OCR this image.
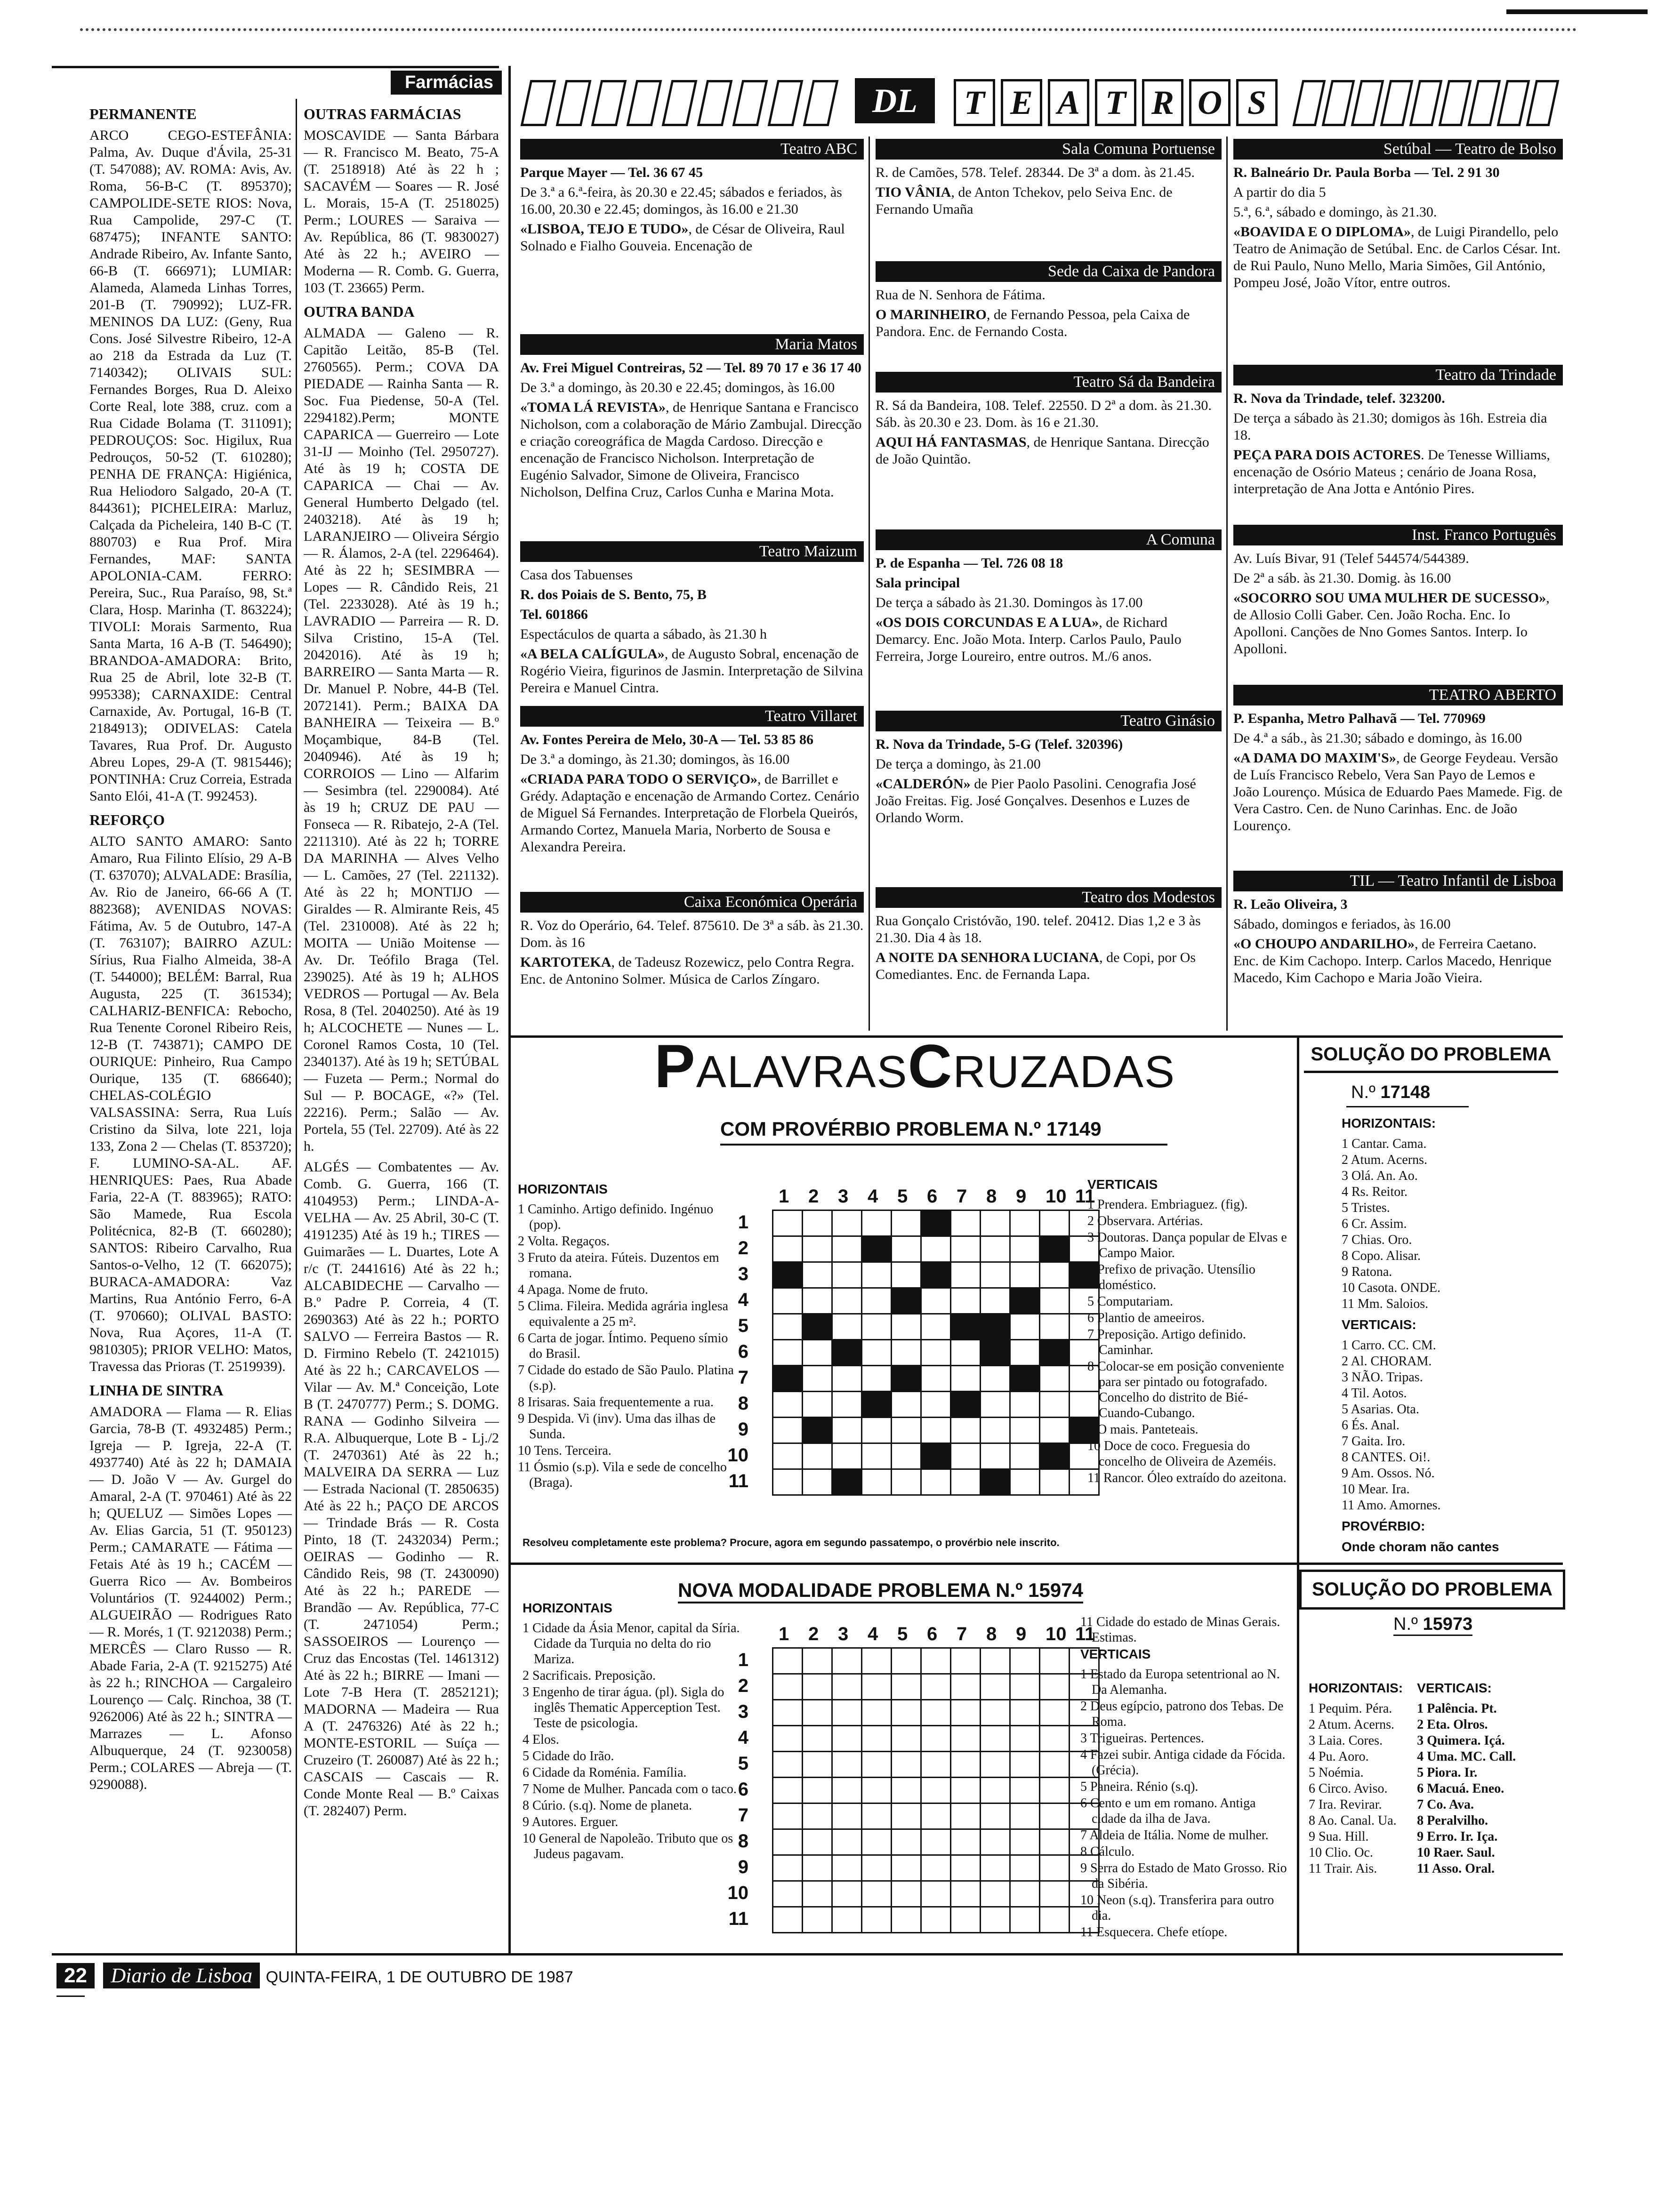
Farmácias
PERMANENTE

ARCO CEGO-ESTEFÂNIA: Palma, Av. Duque d'Ávila, 25-31 (T. 547088); AV. ROMA: Avis, Av. Roma, 56-B-C (T. 895370); CAMPOLIDE-SETE RIOS: Nova, Rua Campolide, 297-C (T. 687475); INFANTE SANTO: Andrade Ribeiro, Av. Infante Santo, 66-B (T. 666971); LUMIAR: Alameda, Alameda Linhas Torres, 201-B (T. 790992); LUZ-FR. MENINOS DA LUZ: (Geny, Rua Cons. José Silvestre Ribeiro, 12-A ao 218 da Estrada da Luz (T. 7140342); OLIVAIS SUL: Fernandes Borges, Rua D. Aleixo Corte Real, lote 388, cruz. com a Rua Cidade Bolama (T. 311091); PEDROUÇOS: Soc. Higilux, Rua Pedrouços, 50-52 (T. 610280); PENHA DE FRANÇA: Higiénica, Rua Heliodoro Salgado, 20-A (T. 844361); PICHELEIRA: Marluz, Calçada da Picheleira, 140 B-C (T. 880703) e Rua Prof. Mira Fernandes, MAF: SANTA APOLONIA-CAM. FERRO: Pereira, Suc., Rua Paraíso, 98, St.ª Clara, Hosp. Marinha (T. 863224); TIVOLI: Morais Sarmento, Rua Santa Marta, 16 A-B (T. 546490); BRANDOA-AMADORA: Brito, Rua 25 de Abril, lote 32-B (T. 995338); CARNAXIDE: Central Carnaxide, Av. Portugal, 16-B (T. 2184913); ODIVELAS: Catela Tavares, Rua Prof. Dr. Augusto Abreu Lopes, 29-A (T. 9815446); PONTINHA: Cruz Correia, Estrada Santo Elói, 41-A (T. 992453).

REFORÇO

ALTO SANTO AMARO: Santo Amaro, Rua Filinto Elísio, 29 A-B (T. 637070); ALVALADE: Brasília, Av. Rio de Janeiro, 66-66 A (T. 882368); AVENIDAS NOVAS: Fátima, Av. 5 de Outubro, 147-A (T. 763107); BAIRRO AZUL: Sírius, Rua Fialho Almeida, 38-A (T. 544000); BELÉM: Barral, Rua Augusta, 225 (T. 361534); CALHARIZ-BENFICA: Rebocho, Rua Tenente Coronel Ribeiro Reis, 12-B (T. 743871); CAMPO DE OURIQUE: Pinheiro, Rua Campo Ourique, 135 (T. 686640); CHELAS-COLÉGIO VALSASSINA: Serra, Rua Luís Cristino da Silva, lote 221, loja 133, Zona 2 — Chelas (T. 853720); F. LUMINO-SA-AL. AF. HENRIQUES: Paes, Rua Abade Faria, 22-A (T. 883965); RATO: São Mamede, Rua Escola Politécnica, 82-B (T. 660280); SANTOS: Ribeiro Carvalho, Rua Santos-o-Velho, 12 (T. 662075); BURACA-AMADORA: Vaz Martins, Rua António Ferro, 6-A (T. 970660); OLIVAL BASTO: Nova, Rua Açores, 11-A (T. 9810305); PRIOR VELHO: Matos, Travessa das Prioras (T. 2519939).

LINHA DE SINTRA

AMADORA — Flama — R. Elias Garcia, 78-B (T. 4932485) Perm.; Igreja — P. Igreja, 22-A (T. 4937740) Até às 22 h; DAMAIA — D. João V — Av. Gurgel do Amaral, 2-A (T. 970461) Até às 22 h; QUELUZ — Simões Lopes — Av. Elias Garcia, 51 (T. 950123) Perm.; CAMARATE — Fátima — Fetais Até às 19 h.; CACÉM — Guerra Rico — Av. Bombeiros Voluntários (T. 9244002) Perm.; ALGUEIRÃO — Rodrigues Rato — R. Morés, 1 (T. 9212038) Perm.; MERCÊS — Claro Russo — R. Abade Faria, 2-A (T. 9215275) Até às 22 h.; RINCHOA — Cargaleiro Lourenço — Calç. Rinchoa, 38 (T. 9262006) Até às 22 h.; SINTRA — Marrazes — L. Afonso Albuquerque, 24 (T. 9230058) Perm.; COLARES — Abreja — (T. 9290088).

OUTRAS FARMÁCIAS

MOSCAVIDE — Santa Bárbara — R. Francisco M. Beato, 75-A (T. 2518918) Até às 22 h ; SACAVÉM — Soares — R. José L. Morais, 15-A (T. 2518025) Perm.; LOURES — Saraiva — Av. República, 86 (T. 9830027) Até às 22 h.; AVEIRO — Moderna — R. Comb. G. Guerra, 103 (T. 23665) Perm.

OUTRA BANDA

ALMADA — Galeno — R. Capitão Leitão, 85-B (Tel. 2760565). Perm.; COVA DA PIEDADE — Rainha Santa — R. Soc. Fua Piedense, 50-A (Tel. 2294182).Perm; MONTE CAPARICA — Guerreiro — Lote 31-IJ — Moinho (Tel. 2950727). Até às 19 h; COSTA DE CAPARICA — Chai — Av. General Humberto Delgado (tel. 2403218). Até às 19 h; LARANJEIRO — Oliveira Sérgio — R. Álamos, 2-A (tel. 2296464). Até às 22 h; SESIMBRA — Lopes — R. Cândido Reis, 21 (Tel. 2233028). Até às 19 h.; LAVRADIO — Parreira — R. D. Silva Cristino, 15-A (Tel. 2042016). Até às 19 h; BARREIRO — Santa Marta — R. Dr. Manuel P. Nobre, 44-B (Tel. 2072141). Perm.; BAIXA DA BANHEIRA — Teixeira — B.º Moçambique, 84-B (Tel. 2040946). Até às 19 h; CORROIOS — Lino — Alfarim — Sesimbra (tel. 2290084). Até às 19 h; CRUZ DE PAU — Fonseca — R. Ribatejo, 2-A (Tel. 2211310). Até às 22 h; TORRE DA MARINHA — Alves Velho — L. Camões, 27 (Tel. 221132). Até às 22 h; MONTIJO — Giraldes — R. Almirante Reis, 45 (Tel. 2310008). Até às 22 h; MOITA — União Moitense — Av. Dr. Teófilo Braga (Tel. 239025). Até às 19 h; ALHOS VEDROS — Portugal — Av. Bela Rosa, 8 (Tel. 2040250). Até às 19 h; ALCOCHETE — Nunes — L. Coronel Ramos Costa, 10 (Tel. 2340137). Até às 19 h; SETÚBAL — Fuzeta — Perm.; Normal do Sul — P. BOCAGE, «?» (Tel. 22216). Perm.; Salão — Av. Portela, 55 (Tel. 22709). Até às 22 h.

ALGÉS — Combatentes — Av. Comb. G. Guerra, 166 (T. 4104953) Perm.; LINDA-A-VELHA — Av. 25 Abril, 30-C (T. 4191235) Até às 19 h.; TIRES — Guimarães — L. Duartes, Lote A r/c (T. 2441616) Até às 22 h.; ALCABIDECHE — Carvalho — B.º Padre P. Correia, 4 (T. 2690363) Até às 22 h.; PORTO SALVO — Ferreira Bastos — R. D. Firmino Rebelo (T. 2421015) Até às 22 h.; CARCAVELOS — Vilar — Av. M.ª Conceição, Lote B (T. 2470777) Perm.; S. DOMG. RANA — Godinho Silveira — R.A. Albuquerque, Lote B - Lj./2 (T. 2470361) Até às 22 h.; MALVEIRA DA SERRA — Luz — Estrada Nacional (T. 2850635) Até às 22 h.; PAÇO DE ARCOS — Trindade Brás — R. Costa Pinto, 18 (T. 2432034) Perm.; OEIRAS — Godinho — R. Cândido Reis, 98 (T. 2430090) Até às 22 h.; PAREDE — Brandão — Av. República, 77-C (T. 2471054) Perm.; SASSOEIROS — Lourenço — Cruz das Encostas (Tel. 1461312) Até às 22 h.; BIRRE — Imani — Lote 7-B Hera (T. 2852121); MADORNA — Madeira — Rua A (T. 2476326) Até às 22 h.; MONTE-ESTORIL — Suíça — Cruzeiro (T. 260087) Até às 22 h.; CASCAIS — Cascais — R. Conde Monte Real — B.º Caixas (T. 282407) Perm.

DL	T E A T R O S
Teatro ABC

Parque Mayer — Tel. 36 67 45

De 3.ª a 6.ª-feira, às 20.30 e 22.45; sábados e feriados, às 16.00, 20.30 e 22.45; domingos, às 16.00 e 21.30

«LISBOA, TEJO E TUDO», de César de Oliveira, Raul Solnado e Fialho Gouveia. Encenação de

Maria Matos

Av. Frei Miguel Contreiras, 52 — Tel. 89 70 17 e 36 17 40

De 3.ª a domingo, às 20.30 e 22.45; domingos, às 16.00

«TOMA LÁ REVISTA», de Henrique Santana e Francisco Nicholson, com a colaboração de Mário Zambujal. Direcção e criação coreográfica de Magda Cardoso. Direcção e encenação de Francisco Nicholson. Interpretação de Eugénio Salvador, Simone de Oliveira, Francisco Nicholson, Delfina Cruz, Carlos Cunha e Marina Mota.

Teatro Maizum

Casa dos Tabuenses

R. dos Poiais de S. Bento, 75, B

Tel. 601866

Espectáculos de quarta a sábado, às 21.30 h

«A BELA CALÍGULA», de Augusto Sobral, encenação de Rogério Vieira, figurinos de Jasmin. Interpretação de Silvina Pereira e Manuel Cintra.

Teatro Villaret

Av. Fontes Pereira de Melo, 30-A — Tel. 53 85 86

De 3.ª a domingo, às 21.30; domingos, às 16.00

«CRIADA PARA TODO O SERVIÇO», de Barrillet e Grédy. Adaptação e encenação de Armando Cortez. Cenário de Miguel Sá Fernandes. Interpretação de Florbela Queirós, Armando Cortez, Manuela Maria, Norberto de Sousa e Alexandra Pereira.

Caixa Económica Operária

R. Voz do Operário, 64. Telef. 875610. De 3ª a sáb. às 21.30. Dom. às 16

KARTOTEKA, de Tadeusz Rozewicz, pelo Contra Regra. Enc. de Antonino Solmer. Música de Carlos Zíngaro.

Sala Comuna Portuense

R. de Camões, 578. Telef. 28344. De 3ª a dom. às 21.45.

TIO VÂNIA, de Anton Tchekov, pelo Seiva Enc. de Fernando Umaña

Sede da Caixa de Pandora

Rua de N. Senhora de Fátima.

O MARINHEIRO, de Fernando Pessoa, pela Caixa de Pandora. Enc. de Fernando Costa.

Teatro Sá da Bandeira

R. Sá da Bandeira, 108. Telef. 22550. D 2ª a dom. às 21.30. Sáb. às 20.30 e 23. Dom. às 16 e 21.30.

AQUI HÁ FANTASMAS, de Henrique Santana. Direcção de João Quintão.

A Comuna

P. de Espanha — Tel. 726 08 18

Sala principal

De terça a sábado às 21.30. Domingos às 17.00

«OS DOIS CORCUNDAS E A LUA», de Richard Demarcy. Enc. João Mota. Interp. Carlos Paulo, Paulo Ferreira, Jorge Loureiro, entre outros. M./6 anos.

Teatro Ginásio

R. Nova da Trindade, 5-G (Telef. 320396)

De terça a domingo, às 21.00

«CALDERÓN» de Pier Paolo Pasolini. Cenografia José João Freitas. Fig. José Gonçalves. Desenhos e Luzes de Orlando Worm.

Teatro dos Modestos

Rua Gonçalo Cristóvão, 190. telef. 20412. Dias 1,2 e 3 às 21.30. Dia 4 às 18.

A NOITE DA SENHORA LUCIANA, de Copi, por Os Comediantes. Enc. de Fernanda Lapa.

Setúbal — Teatro de Bolso

R. Balneário Dr. Paula Borba — Tel. 2 91 30

A partir do dia 5

5.ª, 6.ª, sábado e domingo, às 21.30.

«BOAVIDA E O DIPLOMA», de Luigi Pirandello, pelo Teatro de Animação de Setúbal. Enc. de Carlos César. Int. de Rui Paulo, Nuno Mello, Maria Simões, Gil António, Pompeu José, João Vítor, entre outros.

Teatro da Trindade

R. Nova da Trindade, telef. 323200.

De terça a sábado às 21.30; domigos às 16h. Estreia dia 18.

PEÇA PARA DOIS ACTORES. De Tenesse Williams, encenação de Osório Mateus ; cenário de Joana Rosa, interpretação de Ana Jotta e António Pires.

Inst. Franco Português

Av. Luís Bivar, 91 (Telef 544574/544389.

De 2ª a sáb. às 21.30. Domig. às 16.00

«SOCORRO SOU UMA MULHER DE SUCESSO», de Allosio Colli Gaber. Cen. João Rocha. Enc. Io Apolloni. Canções de Nno Gomes Santos. Interp. Io Apolloni.

TEATRO ABERTO

P. Espanha, Metro Palhavã — Tel. 770969

De 4.ª a sáb., às 21.30; sábado e domingo, às 16.00

«A DAMA DO MAXIM'S», de George Feydeau. Versão de Luís Francisco Rebelo, Vera San Payo de Lemos e João Lourenço. Música de Eduardo Paes Mamede. Fig. de Vera Castro. Cen. de Nuno Carinhas. Enc. de João Lourenço.

TIL — Teatro Infantil de Lisboa

R. Leão Oliveira, 3

Sábado, domingos e feriados, às 16.00

«O CHOUPO ANDARILHO», de Ferreira Caetano. Enc. de Kim Cachopo. Interp. Carlos Macedo, Henrique Macedo, Kim Cachopo e Maria João Vieira.

PALAVRASCRUZADAS
COM PROVÉRBIO PROBLEMA N.º 17149
HORIZONTAIS

1 Caminho. Artigo definido. Ingénuo (pop).

2 Volta. Regaços.

3 Fruto da ateira. Fúteis. Duzentos em romana.

4 Apaga. Nome de fruto.

5 Clima. Fileira. Medida agrária inglesa equivalente a 25 m².

6 Carta de jogar. Íntimo. Pequeno símio do Brasil.

7 Cidade do estado de São Paulo. Platina (s.p).

8 Irisaras. Saia frequentemente a rua.

9 Despida. Vi (inv). Uma das ilhas de Sunda.

10 Tens. Terceira.

11 Ósmio (s.p). Vila e sede de concelho (Braga).

1 2 3 4 5 6 7 8 9 10 11
1
2
3
4
5
6
7
8
9
10
11

VERTICAIS

1 Prendera. Embriaguez. (fig).

2 Observara. Artérias.

3 Doutoras. Dança popular de Elvas e Campo Maior.

4 Prefixo de privação. Utensílio doméstico.

5 Computariam.

6 Plantio de ameeiros.

7 Preposição. Artigo definido. Caminhar.

8 Colocar-se em posição conveniente para ser pintado ou fotografado. Concelho do distrito de Bié-Cuando-Cubango.

9 O mais. Panteteais.

10 Doce de coco. Freguesia do concelho de Oliveira de Azeméis.

11 Rancor. Óleo extraído do azeitona.

Resolveu completamente este problema? Procure, agora em segundo passatempo, o provérbio nele inscrito.
SOLUÇÃO DO PROBLEMA
N.º 17148
HORIZONTAIS:
1 Cantar. Cama.
2 Atum. Acerns.
3 Olá. An. Ao.
4 Rs. Reitor.
5 Tristes.
6 Cr. Assim.
7 Chias. Oro.
8 Copo. Alisar.
9 Ratona.
10 Casota. ONDE.
11 Mm. Saloios.
VERTICAIS:
1 Carro. CC. CM.
2 Al. CHORAM.
3 NÃO. Tripas.
4 Til. Aotos.
5 Asarias. Ota.
6 És. Anal.
7 Gaita. Iro.
8 CANTES. Oi!.
9 Am. Ossos. Nó.
10 Mear. Ira.
11 Amo. Amornes.
PROVÉRBIO:
Onde choram não cantes
NOVA MODALIDADE PROBLEMA N.º 15974
HORIZONTAIS

1 Cidade da Ásia Menor, capital da Síria. Cidade da Turquia no delta do rio Mariza.

2 Sacrificais. Preposição.

3 Engenho de tirar água. (pl). Sigla do inglês Thematic Apperception Test. Teste de psicologia.

4 Elos.

5 Cidade do Irão.

6 Cidade da Roménia. Família.

7 Nome de Mulher. Pancada com o taco.

8 Cúrio. (s.q). Nome de planeta.

9 Autores. Erguer.

10 General de Napoleão. Tributo que os Judeus pagavam.

1 2 3 4 5 6 7 8 9 10 11
1
2
3
4
5
6
7
8
9
10
11

11 Cidade do estado de Minas Gerais. Estimas.

VERTICAIS

1 Estado da Europa setentrional ao N. Da Alemanha.

2 Deus egípcio, patrono dos Tebas. De Roma.

3 Trigueiras. Pertences.

4 Fazei subir. Antiga cidade da Fócida. (Grécia).

5 Paneira. Rénio (s.q).

6 Cento e um em romano. Antiga cidade da ilha de Java.

7 Aldeia de Itália. Nome de mulher.

8 Cálculo.

9 Serra do Estado de Mato Grosso. Rio da Sibéria.

10 Neon (s.q). Transferira para outro dia.

11 Esquecera. Chefe etíope.

SOLUÇÃO DO PROBLEMA
N.º 15973
HORIZONTAIS:
1 Pequim. Péra.
2 Atum. Acerns.
3 Laia. Cores.
4 Pu. Aoro.
5 Noémia.
6 Circo. Aviso.
7 Ira. Revirar.
8 Ao. Canal. Ua.
9 Sua. Hill.
10 Clio. Oc.
11 Trair. Ais.
VERTICAIS:
1 Palência. Pt.
2 Eta. Olros.
3 Quimera. Içá.
4 Uma. MC. Call.
5 Piora. Ir.
6 Macuá. Eneo.
7 Co. Ava.
8 Peralvilho.
9 Erro. Ir. Iça.
10 Raer. Saul.
11 Asso. Oral.
22 Diario de Lisboa QUINTA-FEIRA, 1 DE OUTUBRO DE 1987
